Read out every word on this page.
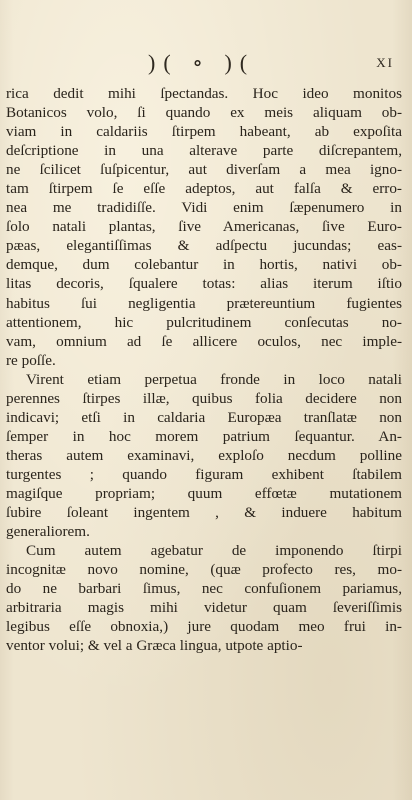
)( ∘ )(	XI
rica dedit mihi ſpectandas. Hoc ideo monitos
Botanicos volo, ſi quando ex meis aliquam ob-
viam in caldariis ſtirpem habeant, ab expoſita
deſcriptione in una alterave parte diſcrepantem,
ne ſcilicet ſuſpicentur, aut diverſam a mea igno-
tam ſtirpem ſe eſſe adeptos, aut falſa & erro-
nea me tradidiſſe. Vidi enim ſæpenumero in
ſolo natali plantas, ſive Americanas, ſive Euro-
pæas, elegantiſſimas & adſpectu jucundas; eas-
demque, dum colebantur in hortis, nativi ob-
litas decoris, ſqualere totas: alias iterum iſtio
habitus ſui negligentia prætereuntium fugientes
attentionem, hic pulcritudinem conſecutas no-
vam, omnium ad ſe allicere oculos, nec imple-
re poſſe.
Virent etiam perpetua fronde in loco natali
perennes ſtirpes illæ, quibus folia decidere non
indicavi; etſi in caldaria Europæa tranſlatæ non
ſemper in hoc morem patrium ſequantur. An-
theras autem examinavi, exploſo necdum polline
turgentes ; quando figuram exhibent ſtabilem
magiſque propriam; quum effœtæ mutationem
ſubire ſoleant ingentem , & induere habitum
generaliorem.
Cum autem agebatur de imponendo ſtirpi
incognitæ novo nomine, (quæ profecto res, mo-
do ne barbari ſimus, nec confuſionem pariamus,
arbitraria magis mihi videtur quam ſeveriſſimis
legibus eſſe obnoxia,) jure quodam meo frui in-
ventor volui; & vel a Græca lingua, utpote aptio-
